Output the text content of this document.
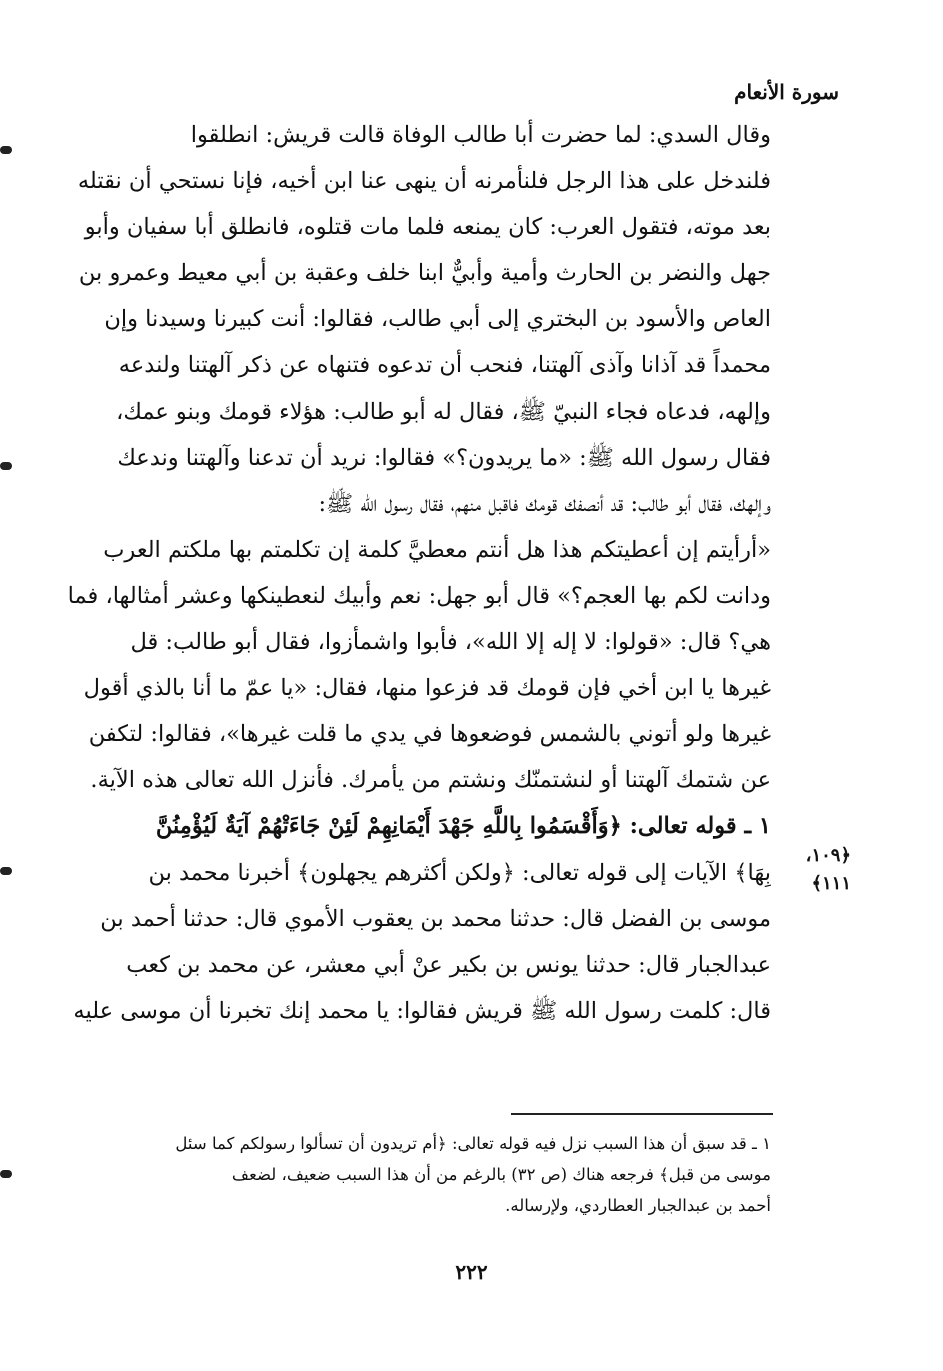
سورة الأنعام
وقال السدي: لما حضرت أبا طالب الوفاة قالت قريش: انطلقوا
فلندخل على هذا الرجل فلنأمرنه أن ينهى عنا ابن أخيه، فإنا نستحي أن نقتله
بعد موته، فتقول العرب: كان يمنعه فلما مات قتلوه، فانطلق أبا سفيان وأبو
جهل والنضر بن الحارث وأمية وأبيٌّ ابنا خلف وعقبة بن أبي معيط وعمرو بن
العاص والأسود بن البختري إلى أبي طالب، فقالوا: أنت كبيرنا وسيدنا وإن
محمداً قد آذانا وآذى آلهتنا، فنحب أن تدعوه فتنهاه عن ذكر آلهتنا ولندعه
وإلهه، فدعاه فجاء النبيّ ﷺ، فقال له أبو طالب: هؤلاء قومك وبنو عمك،
فقال رسول الله ﷺ: «ما يريدون؟» فقالوا: نريد أن تدعنا وآلهتنا وندعك
وإلهك، فقال أبو طالب: قد أنصفك قومك فاقبل منهم، فقال رسول الله ﷺ:
«أرأيتم إن أعطيتكم هذا هل أنتم معطيَّ كلمة إن تكلمتم بها ملكتم العرب
ودانت لكم بها العجم؟» قال أبو جهل: نعم وأبيك لنعطينكها وعشر أمثالها، فما
هي؟ قال: «قولوا: لا إله إلا الله»، فأبوا واشمأزوا، فقال أبو طالب: قل
غيرها يا ابن أخي فإن قومك قد فزعوا منها، فقال: «يا عمّ ما أنا بالذي أقول
غيرها ولو أتوني بالشمس فوضعوها في يدي ما قلت غيرها»، فقالوا: لتكفن
عن شتمك آلهتنا أو لنشتمنّك ونشتم من يأمرك. فأنزل الله تعالى هذه الآية.
١ ـ قوله تعالى: ﴿وَأَقْسَمُوا بِاللَّهِ جَهْدَ أَيْمَانِهِمْ لَئِنْ جَاءَتْهُمْ آيَةٌ لَيُؤْمِنُنَّ
بِهَا﴾ الآيات إلى قوله تعالى: ﴿ولكن أكثرهم يجهلون﴾ أخبرنا محمد بن
موسى بن الفضل قال: حدثنا محمد بن يعقوب الأموي قال: حدثنا أحمد بن
عبدالجبار قال: حدثنا يونس بن بكير عنْ أبي معشر، عن محمد بن كعب
قال: كلمت رسول الله ﷺ قريش فقالوا: يا محمد إنك تخبرنا أن موسى عليه
﴿١٠٩،
١١١﴾
١ ـ قد سبق أن هذا السبب نزل فيه قوله تعالى: ﴿أم تريدون أن تسألوا رسولكم كما سئل
موسى من قبل﴾ فرجعه هناك (ص ٣٢) بالرغم من أن هذا السبب ضعيف، لضعف
أحمد بن عبدالجبار العطاردي، ولإرساله.
٢٢٢
